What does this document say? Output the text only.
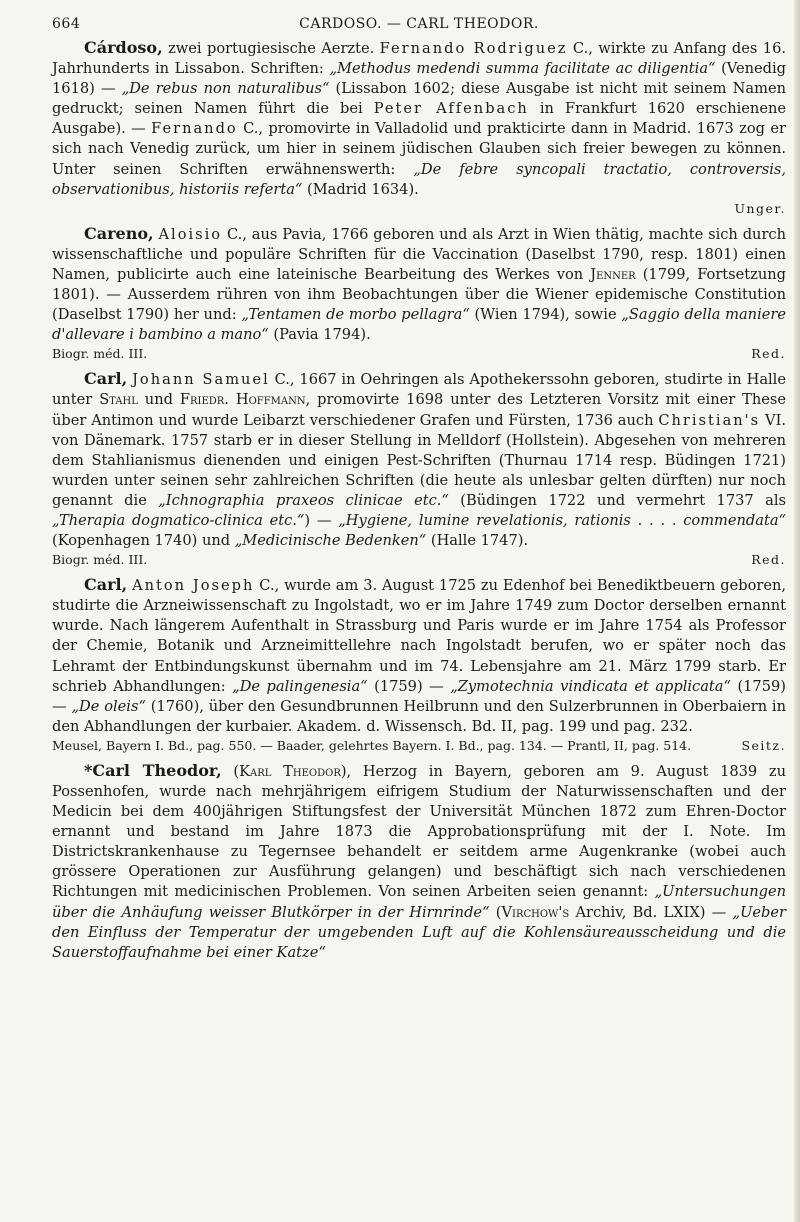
664	CARDOSO. — CARL THEODOR.

Cárdoso, zwei portugiesische Aerzte. Fernando Rodriguez C., wirkte zu Anfang des 16. Jahrhunderts in Lissabon. Schriften: „Methodus medendi summa facilitate ac diligentia“ (Venedig 1618) — „De rebus non naturalibus“ (Lissabon 1602; diese Ausgabe ist nicht mit seinem Namen gedruckt; seinen Namen führt die bei Peter Affenbach in Frankfurt 1620 erschienene Ausgabe). — Fernando C., promovirte in Valladolid und prakticirte dann in Madrid. 1673 zog er sich nach Venedig zurück, um hier in seinem jüdischen Glauben sich freier bewegen zu können. Unter seinen Schriften erwähnenswerth: „De febre syncopali tractatio, controversis, observationibus, historiis referta“ (Madrid 1634).

Unger.

Careno, Aloisio C., aus Pavia, 1766 geboren und als Arzt in Wien thätig, machte sich durch wissenschaftliche und populäre Schriften für die Vaccination (Daselbst 1790, resp. 1801) einen Namen, publicirte auch eine lateinische Bearbeitung des Werkes von Jenner (1799, Fortsetzung 1801). — Ausserdem rühren von ihm Beobachtungen über die Wiener epidemische Constitution (Daselbst 1790) her und: „Tentamen de morbo pellagra“ (Wien 1794), sowie „Saggio della maniere d'allevare i bambino a mano“ (Pavia 1794).

Biogr. méd. III.	Red.

Carl, Johann Samuel C., 1667 in Oehringen als Apothekerssohn geboren, studirte in Halle unter Stahl und Friedr. Hoffmann, promovirte 1698 unter des Letzteren Vorsitz mit einer These über Antimon und wurde Leibarzt verschiedener Grafen und Fürsten, 1736 auch Christian's VI. von Dänemark. 1757 starb er in dieser Stellung in Melldorf (Hollstein). Abgesehen von mehreren dem Stahlianismus dienenden und einigen Pest-Schriften (Thurnau 1714 resp. Büdingen 1721) wurden unter seinen sehr zahlreichen Schriften (die heute als unlesbar gelten dürften) nur noch genannt die „Ichnographia praxeos clinicae etc.“ (Büdingen 1722 und vermehrt 1737 als „Therapia dogmatico-clinica etc.“) — „Hygiene, lumine revelationis, rationis . . . . commendata“ (Kopenhagen 1740) und „Medicinische Bedenken“ (Halle 1747).

Biogr. méd. III.	Red.

Carl, Anton Joseph C., wurde am 3. August 1725 zu Edenhof bei Benediktbeuern geboren, studirte die Arzneiwissenschaft zu Ingolstadt, wo er im Jahre 1749 zum Doctor derselben ernannt wurde. Nach längerem Aufenthalt in Strassburg und Paris wurde er im Jahre 1754 als Professor der Chemie, Botanik und Arzneimittellehre nach Ingolstadt berufen, wo er später noch das Lehramt der Entbindungskunst übernahm und im 74. Lebensjahre am 21. März 1799 starb. Er schrieb Abhandlungen: „De palingenesia“ (1759) — „Zymotechnia vindicata et applicata“ (1759) — „De oleis“ (1760), über den Gesundbrunnen Heilbrunn und den Sulzerbrunnen in Oberbaiern in den Abhandlungen der kurbaier. Akadem. d. Wissensch. Bd. II, pag. 199 und pag. 232.

Meusel, Bayern I. Bd., pag. 550. — Baader, gelehrtes Bayern. I. Bd., pag. 134. — Prantl, II, pag. 514.	Seitz.

*Carl Theodor, (Karl Theodor), Herzog in Bayern, geboren am 9. August 1839 zu Possenhofen, wurde nach mehrjährigem eifrigem Studium der Naturwissenschaften und der Medicin bei dem 400jährigen Stiftungsfest der Universität München 1872 zum Ehren-Doctor ernannt und bestand im Jahre 1873 die Approbationsprüfung mit der I. Note. Im Districtskrankenhause zu Tegernsee behandelt er seitdem arme Augenkranke (wobei auch grössere Operationen zur Ausführung gelangen) und beschäftigt sich nach verschiedenen Richtungen mit medicinischen Problemen. Von seinen Arbeiten seien genannt: „Untersuchungen über die Anhäufung weisser Blutkörper in der Hirnrinde“ (Virchow's Archiv, Bd. LXIX) — „Ueber den Einfluss der Temperatur der umgebenden Luft auf die Kohlensäureausscheidung und die Sauerstoffaufnahme bei einer Katze“
